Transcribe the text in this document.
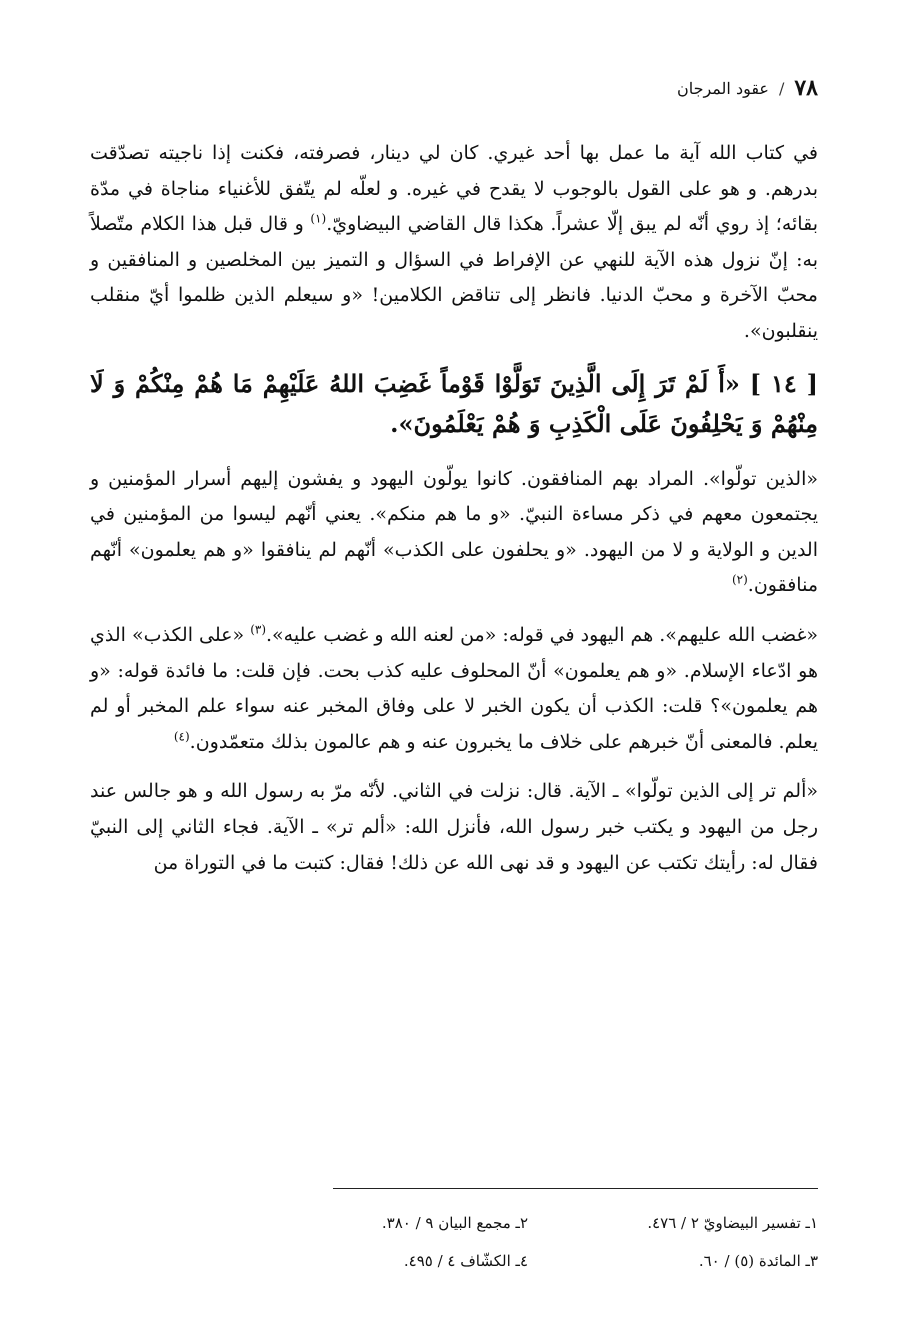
٧٨
/
عقود المرجان

في كتاب الله آية ما عمل بها أحد غيري. كان لي دينار، فصرفته، فكنت إذا ناجيته تصدّقت بدرهم. و هو على القول بالوجوب لا يقدح في غيره. و لعلّه لم يتّفق للأغنياء مناجاة في مدّة بقائه؛ إذ روي أنّه لم يبق إلّا عشراً. هكذا قال القاضي البيضاويّ.$^{(١)}$ و قال قبل هذا الكلام متّصلاً به: إنّ نزول هذه الآية للنهي عن الإفراط في السؤال و التميز بين المخلصين و المنافقين و محبّ الآخرة و محبّ الدنيا. فانظر إلى تناقض الكلامين! «و سيعلم الذين ظلموا أيّ منقلب ينقلبون».

[ ١٤ ] «أَ لَمْ تَرَ إِلَى الَّذِينَ تَوَلَّوْا قَوْماً غَضِبَ اللهُ عَلَيْهِمْ مَا هُمْ مِنْكُمْ وَ لَا مِنْهُمْ وَ يَحْلِفُونَ عَلَى الْكَذِبِ وَ هُمْ يَعْلَمُونَ».

«الذين تولّوا». المراد بهم المنافقون. كانوا يولّون اليهود و يفشون إليهم أسرار المؤمنين و يجتمعون معهم في ذكر مساءة النبيّ. «و ما هم منكم». يعني أنّهم ليسوا من المؤمنين في الدين و الولاية و لا من اليهود. «و يحلفون على الكذب» أنّهم لم ينافقوا «و هم يعلمون» أنّهم منافقون.$^{(٢)}$

«غضب الله عليهم». هم اليهود في قوله: «من لعنه الله و غضب عليه».$^{(٣)}$ «على الكذب» الذي هو ادّعاء الإسلام. «و هم يعلمون» أنّ المحلوف عليه كذب بحت. فإن قلت: ما فائدة قوله: «و هم يعلمون»؟ قلت: الكذب أن يكون الخبر لا على وفاق المخبر عنه سواء علم المخبر أو لم يعلم. فالمعنى أنّ خبرهم على خلاف ما يخبرون عنه و هم عالمون بذلك متعمّدون.$^{(٤)}$

«ألم تر إلى الذين تولّوا» ـ الآية. قال: نزلت في الثاني. لأنّه مرّ به رسول الله و هو جالس عند رجل من اليهود و يكتب خبر رسول الله، فأنزل الله: «ألم تر» ـ الآية. فجاء الثاني إلى النبيّ فقال له: رأيتك تكتب عن اليهود و قد نهى الله عن ذلك! فقال: كتبت ما في التوراة من

١ـ تفسير البيضاويّ ٢ / ٤٧٦.
٢ـ مجمع البيان ٩ / ٣٨٠.
٣ـ المائدة (٥) / ٦٠.
٤ـ الكشّاف ٤ / ٤٩٥.
